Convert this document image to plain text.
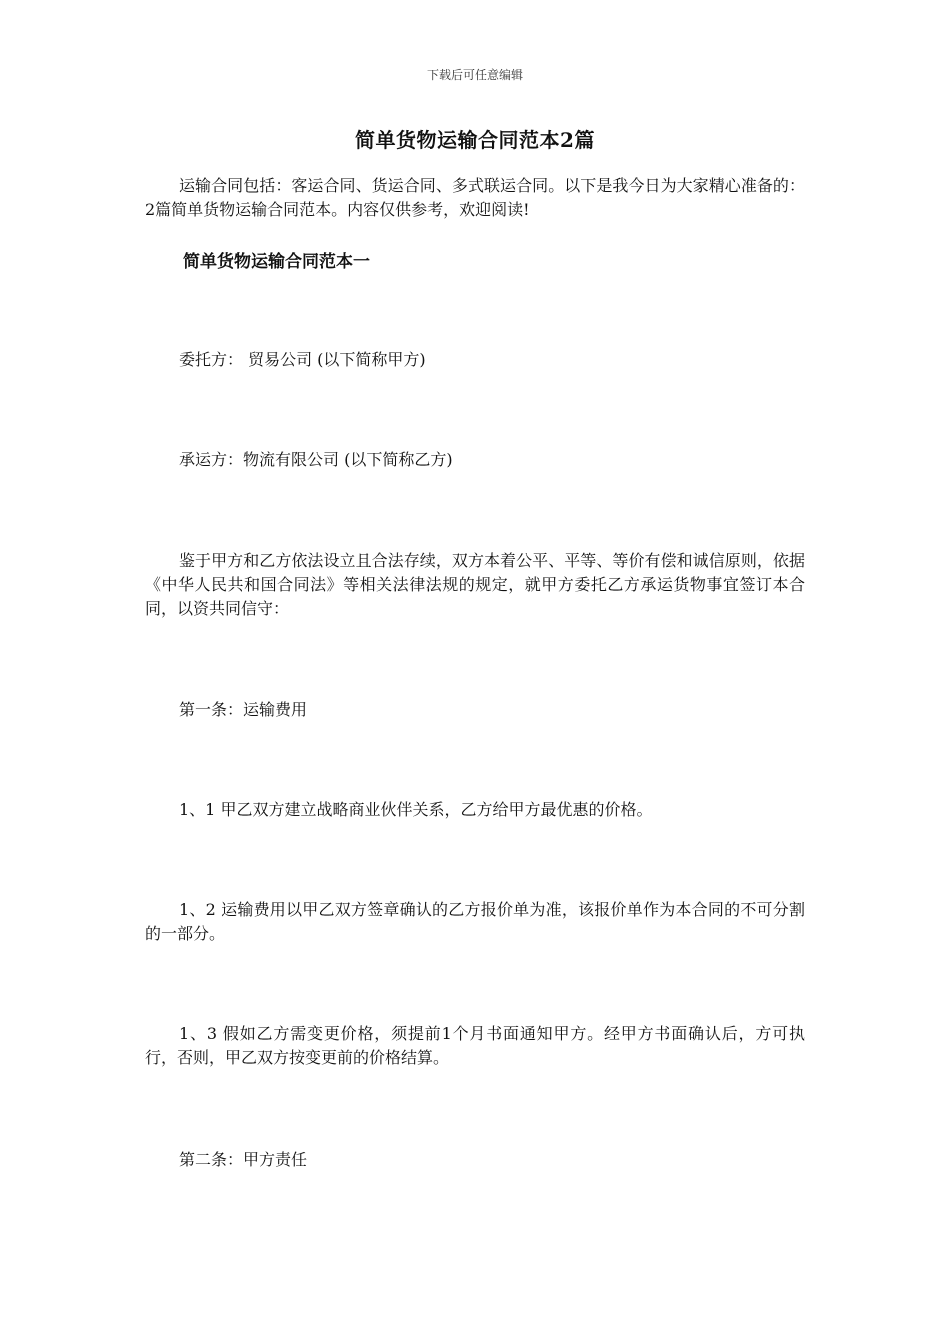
下载后可任意编辑
简单货物运输合同范本2篇
运输合同包括：客运合同、货运合同、多式联运合同。以下是我今日为大家精心准备的：2篇简单货物运输合同范本。内容仅供参考，欢迎阅读!
简单货物运输合同范本一
委托方： 贸易公司 (以下简称甲方)
承运方：物流有限公司 (以下简称乙方)
鉴于甲方和乙方依法设立且合法存续，双方本着公平、平等、等价有偿和诚信原则，依据《中华人民共和国合同法》等相关法律法规的规定，就甲方委托乙方承运货物事宜签订本合同，以资共同信守：
第一条：运输费用
1、1 甲乙双方建立战略商业伙伴关系，乙方给甲方最优惠的价格。
1、2 运输费用以甲乙双方签章确认的乙方报价单为准，该报价单作为本合同的不可分割的一部分。
1、3 假如乙方需变更价格，须提前1个月书面通知甲方。经甲方书面确认后，方可执行，否则，甲乙双方按变更前的价格结算。
第二条：甲方责任
